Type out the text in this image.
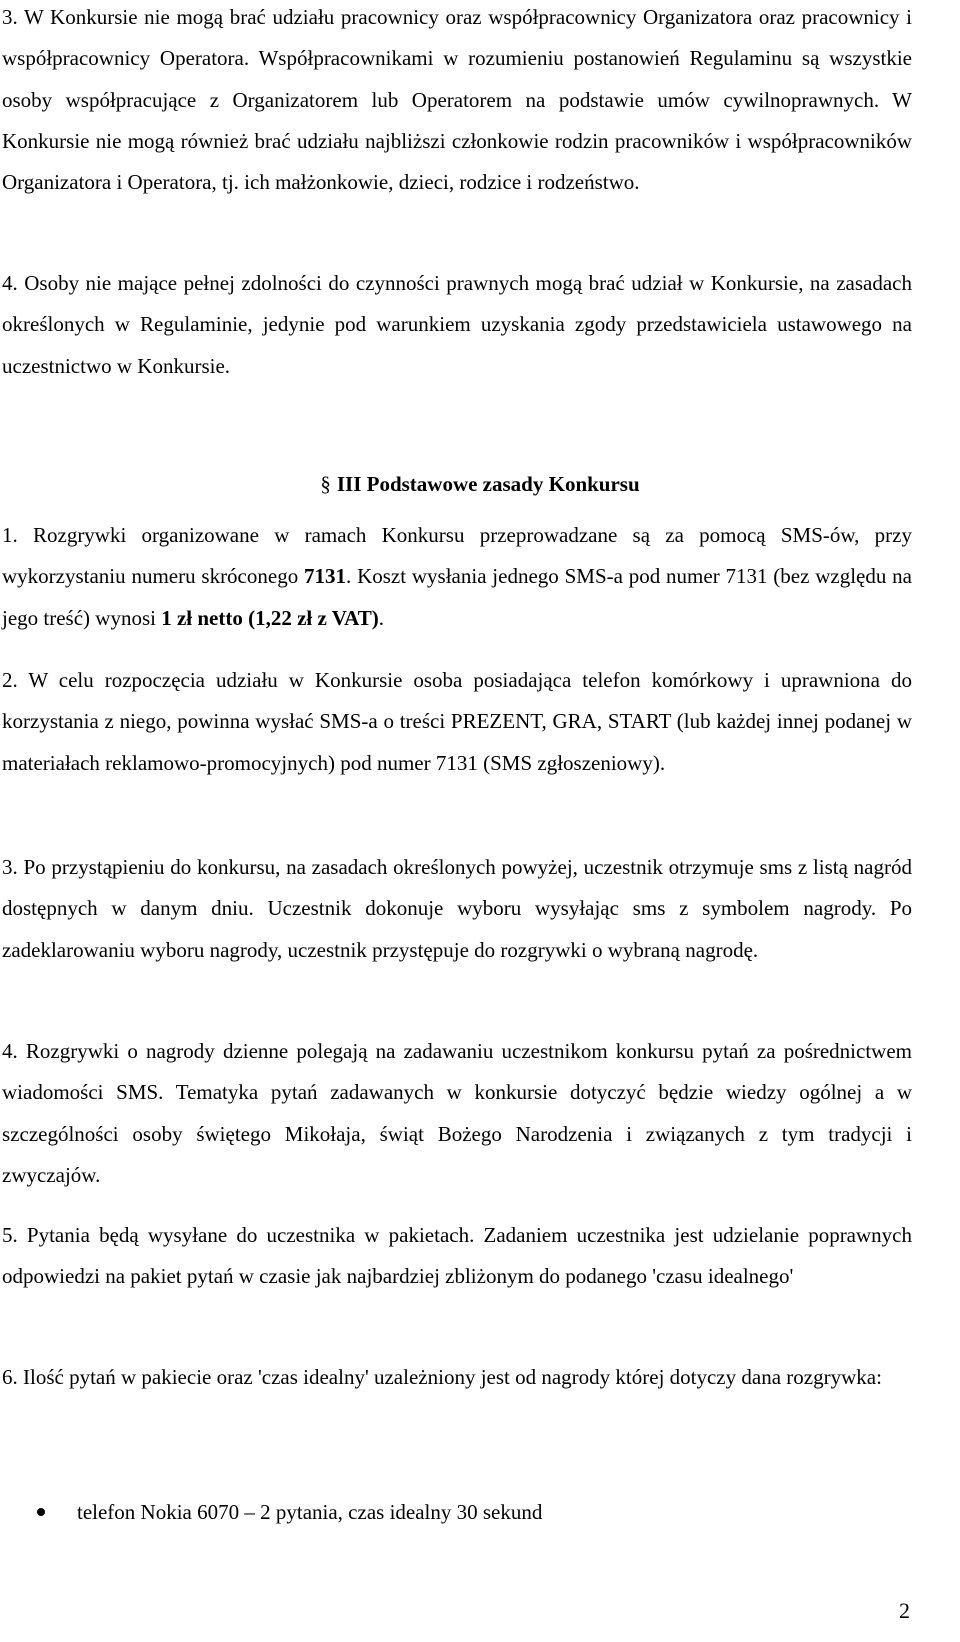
3. W Konkursie nie mogą brać udziału pracownicy oraz współpracownicy Organizatora oraz pracownicy i współpracownicy Operatora. Współpracownikami w rozumieniu postanowień Regulaminu są wszystkie osoby współpracujące z Organizatorem lub Operatorem na podstawie umów cywilnoprawnych. W Konkursie nie mogą również brać udziału najbliższi członkowie rodzin pracowników i współpracowników Organizatora i Operatora, tj. ich małżonkowie, dzieci, rodzice i rodzeństwo.

4. Osoby nie mające pełnej zdolności do czynności prawnych mogą brać udział w Konkursie, na zasadach określonych w Regulaminie, jedynie pod warunkiem uzyskania zgody przedstawiciela ustawowego na uczestnictwo w Konkursie.

§ III Podstawowe zasady Konkursu

1. Rozgrywki organizowane w ramach Konkursu przeprowadzane są za pomocą SMS-ów, przy wykorzystaniu numeru skróconego 7131. Koszt wysłania jednego SMS-a pod numer 7131 (bez względu na jego treść) wynosi 1 zł netto (1,22 zł z VAT).

2. W celu rozpoczęcia udziału w Konkursie osoba posiadająca telefon komórkowy i uprawniona do korzystania z niego, powinna wysłać SMS-a o treści PREZENT, GRA, START (lub każdej innej podanej w materiałach reklamowo-promocyjnych) pod numer 7131 (SMS zgłoszeniowy).

3. Po przystąpieniu do konkursu, na zasadach określonych powyżej, uczestnik otrzymuje sms z listą nagród dostępnych w danym dniu. Uczestnik dokonuje wyboru wysyłając sms z symbolem nagrody. Po zadeklarowaniu wyboru nagrody, uczestnik przystępuje do rozgrywki o wybraną nagrodę.

4. Rozgrywki o nagrody dzienne polegają na zadawaniu uczestnikom konkursu pytań za pośrednictwem wiadomości SMS. Tematyka pytań zadawanych w konkursie dotyczyć będzie wiedzy ogólnej a w szczególności osoby świętego Mikołaja, świąt Bożego Narodzenia i związanych z tym tradycji i zwyczajów.

5. Pytania będą wysyłane do uczestnika w pakietach. Zadaniem uczestnika jest udzielanie poprawnych odpowiedzi na pakiet pytań w czasie jak najbardziej zbliżonym do podanego 'czasu idealnego'

6. Ilość pytań w pakiecie oraz 'czas idealny' uzależniony jest od nagrody której dotyczy dana rozgrywka:

telefon Nokia 6070 – 2 pytania, czas idealny 30 sekund
2
